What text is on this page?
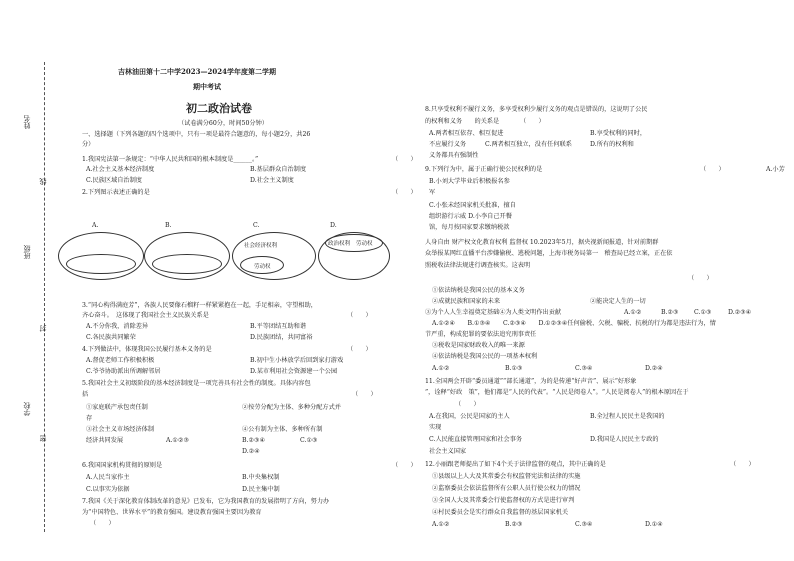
姓名
线
班级
封
学校
密
吉林油田第十二中学2023—2024学年度第二学期
期中考试
初二政治试卷
（试卷满分60分，时间50分钟）
一、选择题（下列各题的四个选项中，只有一项是最符合题意的，每小题2分，共26
分）
1.我国宪法第一条规定：“中华人民共和国的根本制度是______。”	（　　）
A.社会主义基本经济制度	B.基层群众自治制度
C.民族区域自治制度	D.社会主义制度
2.下列图示表述正确的是	（　　）
A.	B.	C.
社会经济权利
劳动权
D.
政治权利 劳动权
3.“同心构得满庭芳”，各族人民要像石榴籽一样紧紧抱在一起，手足相亲，守望相助，
齐心奋斗。　这体现了我国社会主义民族关系是	（　　）
A.不分你我，消除差异	B.平等团结互助和谐
C.各民族共同繁荣	D.民族团结，共同富裕
4.下列做法中，体现我国公民履行基本义务的是	（　　）
A.督促老师工作积极积极	B.初中生小林放学后回到家打游戏
C.爷爷协助派出所调解邻居	D.某市利用社会资源建一个公园
5.我国社会主义初级阶段的基本经济制度是一项完善具有社会性的制度。具体内容包
括	（　　）
①家庭联产承包责任制	②按劳分配为主体、多种分配方式并
存
③社会主义市场经济体制	④公有制为主体、多种所有制
经济共同发展	A.①②③	B.②③④	C.①③
D.②④
6.我国国家机构贯彻的原则是	（　　）
A.人民当家作主	B.中央集权制
C.以事实为依据	D.民主集中制
7.我国《关于深化教育体制改革的意见》已发布，它为我国教育的发展指明了方向，努力办
为“中国特色、世界水平”的教育强国。建设教育强国主要因为教育
（　　）
8.只享受权利不履行义务，多享受权利少履行义务的观点是错误的，这说明了公民
的权利和义务　　的关系是	（　　）
A.两者相互依存、相互促进	B.享受权利的同时，
不应履行义务	C.两者相互独立，没有任何联系	D.所有的权利和
义务都具有强制性
9.下列行为中，属于正确行使公民权利的是	（　　）	A.小芳
B.小刘大学毕业后积极报名参
军
C.小张未经国家机关批准，擅自
组织游行示威 D.小李自己开餐
馆，每月按国家要求缴纳税款
人身自由 财产权文化教育权利 监督权 10.2023年5月，据央视新闻报道，针对前期群
众举报某网红直播平台涉嫌偷税、逃税问题，上海市税务局第一　稽查局已经立案，正在依
照税收法律法规进行调查核实。这表明
（　　）
①依法纳税是我国公民的基本义务
②成就民族和国家的未来	②能决定人生的一切
③为个人人生幸福奠定基础④为人类文明作出贡献	A.①②	B.②③ C.①③	D.②③④
A.①②④　　B.①③④　　C.②③④　　D.①②③④任何偷税、欠税、骗税、抗税的行为都是违法行为，情
节严重，构成犯罪的要依法追究刑事责任
③税收是国家财政收入的唯一来源
④依法纳税是我国公民的一项基本权利
A.①②	B.①③	C.③④	D.②④
11.全国两会开辟“委员通道”“部长通道”，为的是传递“好声音”、展示“好形象
”，诠释“好政　策”，他们都是“人民的代表”。“人民是阅卷人”。“人民是阅卷人”的根本原因在于
（　　）
A.在我国，公民是国家的主人	B.全过程人民民主是我国的
实现
C.人民能直接管理国家和社会事务	D.我国是人民民主专政的
社会主义国家
12.小丽跟老师提出了如下4个关于法律监督的观点，其中正确的是	（　　）
①县级以上人大及其常委会有权监督宪法和法律的实施
②监察委员会依法监督所有公职人员行使公权力的情况
③全国人大及其常委会行使监督权的方式是进行审判
④村民委员会是实行群众自我监督的基层国家机关
A.①②	B.②③	C.③④	D.①④
